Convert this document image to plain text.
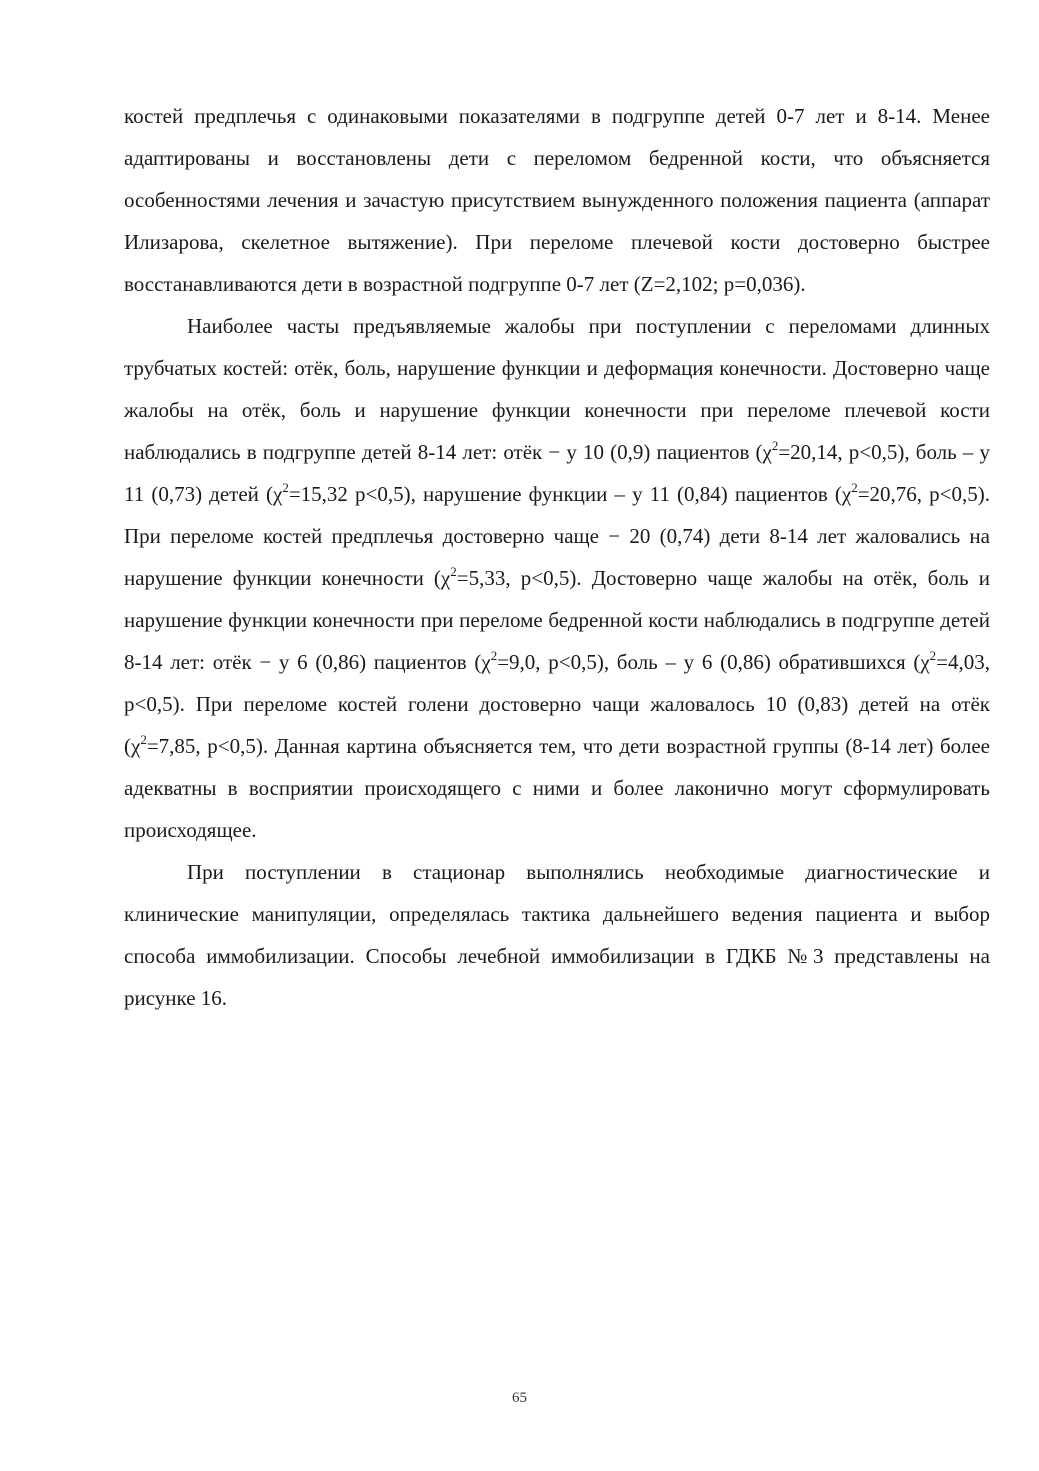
костей предплечья с одинаковыми показателями в подгруппе детей 0-7 лет и 8-14. Менее адаптированы и восстановлены дети с переломом бедренной кости, что объясняется особенностями лечения и зачастую присутствием вынужденного положения пациента (аппарат Илизарова, скелетное вытяжение). При переломе плечевой кости достоверно быстрее восстанавливаются дети в возрастной подгруппе 0-7 лет (Z=2,102; p=0,036).

Наиболее часты предъявляемые жалобы при поступлении с переломами длинных трубчатых костей: отёк, боль, нарушение функции и деформация конечности. Достоверно чаще жалобы на отёк, боль и нарушение функции конечности при переломе плечевой кости наблюдались в подгруппе детей 8-14 лет: отёк − у 10 (0,9) пациентов ($\chi^2=20,14$, p<0,5), боль – у 11 (0,73) детей ($\chi^2=15,32$ p<0,5), нарушение функции – у 11 (0,84) пациентов ($\chi^2=20,76$, p<0,5). При переломе костей предплечья достоверно чаще − 20 (0,74) дети 8-14 лет жаловались на нарушение функции конечности ($\chi^2=5,33$, p<0,5). Достоверно чаще жалобы на отёк, боль и нарушение функции конечности при переломе бедренной кости наблюдались в подгруппе детей 8-14 лет: отёк − у 6 (0,86) пациентов ($\chi^2=9,0$, p<0,5), боль – у 6 (0,86) обратившихся ($\chi^2=4,03$, p<0,5). При переломе костей голени достоверно чащи жаловалось 10 (0,83) детей на отёк ($\chi^2=7,85$, p<0,5). Данная картина объясняется тем, что дети возрастной группы (8-14 лет) более адекватны в восприятии происходящего с ними и более лаконично могут сформулировать происходящее.

При поступлении в стационар выполнялись необходимые диагностические и клинические манипуляции, определялась тактика дальнейшего ведения пациента и выбор способа иммобилизации. Способы лечебной иммобилизации в ГДКБ №3 представлены на рисунке 16.

65
